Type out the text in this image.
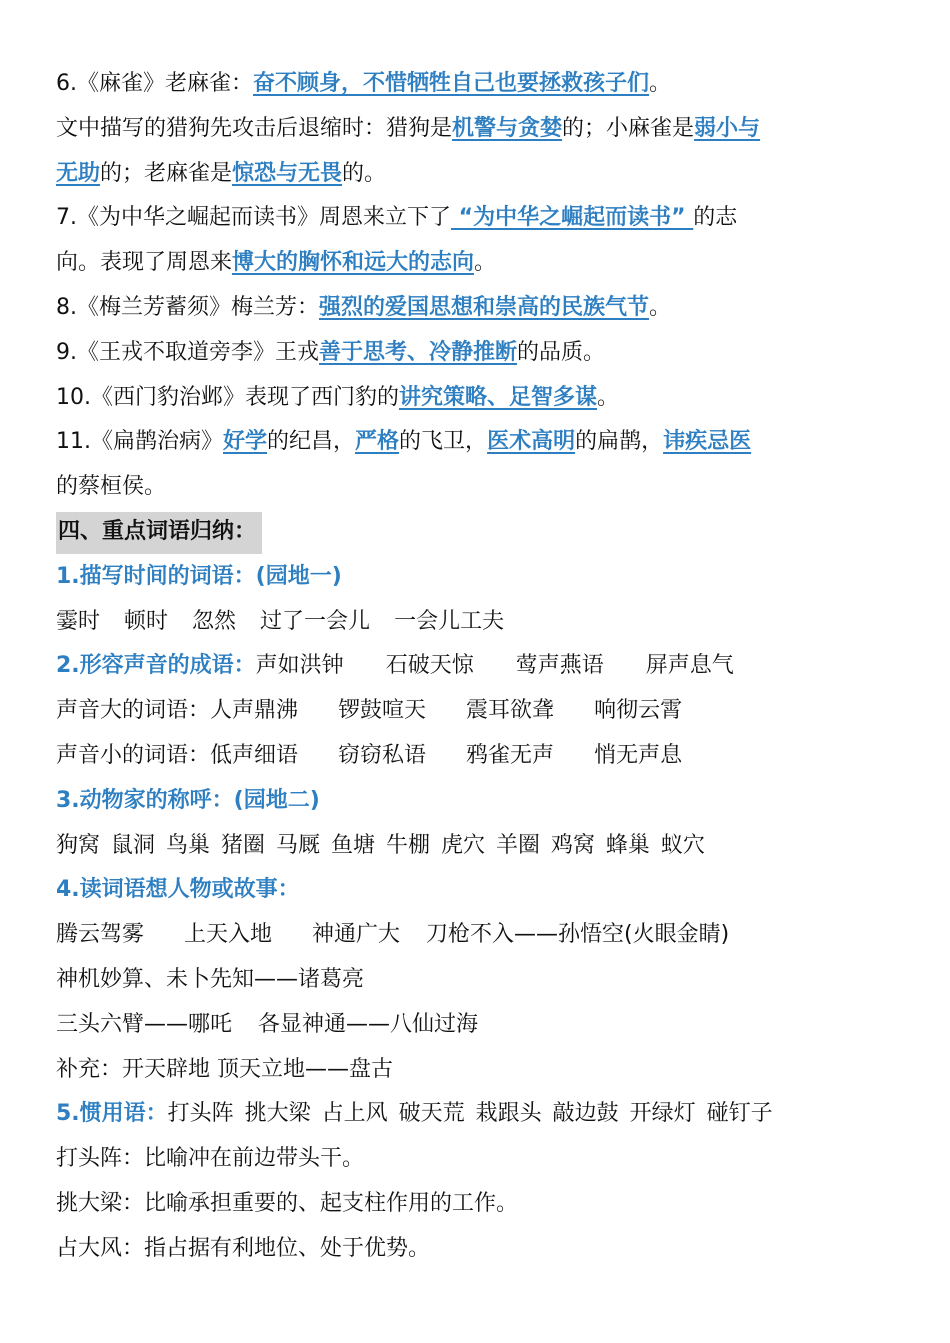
6.《麻雀》老麻雀：奋不顾身，不惜牺牲自己也要拯救孩子们。
文中描写的猎狗先攻击后退缩时：猎狗是机警与贪婪的；小麻雀是弱小与
无助的；老麻雀是惊恐与无畏的。
7.《为中华之崛起而读书》周恩来立下了 “为中华之崛起而读书” 的志
向。表现了周恩来博大的胸怀和远大的志向。
8.《梅兰芳蓄须》梅兰芳：强烈的爱国思想和崇高的民族气节。
9.《王戎不取道旁李》王戎善于思考、冷静推断的品质。
10.《西门豹治邺》表现了西门豹的讲究策略、足智多谋。
11.《扁鹊治病》好学的纪昌，严格的飞卫，医术高明的扁鹊，讳疾忌医
的蔡桓侯。
四、重点词语归纳：
1.描写时间的词语：(园地一)
霎时 顿时 忽然 过了一会儿 一会儿工夫
2.形容声音的成语：声如洪钟 石破天惊 莺声燕语 屏声息气
声音大的词语：人声鼎沸 锣鼓喧天 震耳欲聋 响彻云霄
声音小的词语：低声细语 窃窃私语 鸦雀无声 悄无声息
3.动物家的称呼：(园地二)
狗窝 鼠洞 鸟巢 猪圈 马厩 鱼塘 牛棚 虎穴 羊圈 鸡窝 蜂巢 蚁穴
4.读词语想人物或故事：
腾云驾雾 上天入地 神通广大 刀枪不入——孙悟空(火眼金睛)
神机妙算、未卜先知——诸葛亮
三头六臂——哪吒 各显神通——八仙过海
补充：开天辟地 顶天立地——盘古
5.惯用语：打头阵 挑大梁 占上风 破天荒 栽跟头 敲边鼓 开绿灯 碰钉子
打头阵：比喻冲在前边带头干。
挑大梁：比喻承担重要的、起支柱作用的工作。
占大风：指占据有利地位、处于优势。
